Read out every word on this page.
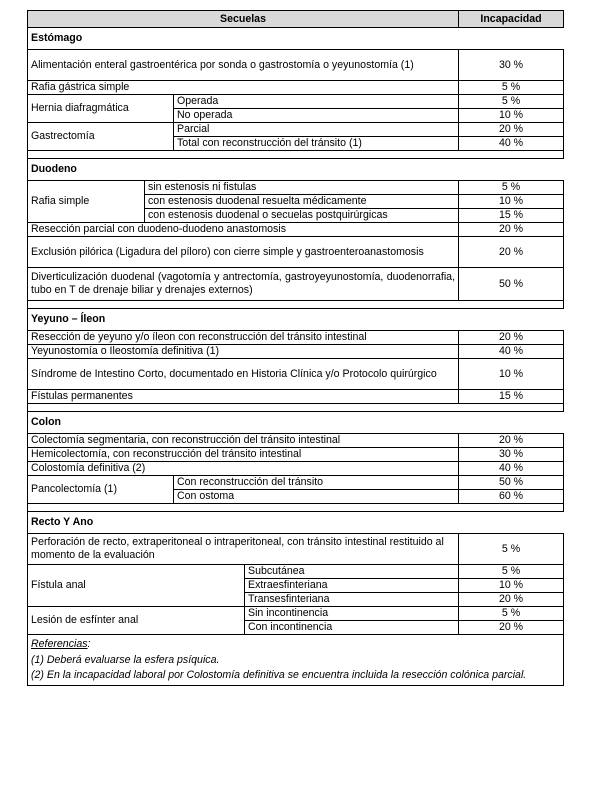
Secuelas				Incapacidad
Estómago				
Alimentación enteral gastroentérica por sonda o gastrostomía o yeyunostomía (1)				30 %
Rafia gástrica simple				5 %
Hernia diafragmática		Operada		5 %
		No operada		10 %
Gastrectomía		Parcial		20 %
		Total con reconstrucción del tránsito (1)		40 %

Duodeno				
Rafia simple	sin estenosis ni fistulas			5 %
	con estenosis duodenal resuelta médicamente			10 %
	con estenosis duodenal o secuelas postquirúrgicas			15 %
Resección parcial con duodeno-duodeno anastomosis				20 %
Exclusión pilórica (Ligadura del píloro) con cierre simple y gastroenteroanastomosis				20 %
Diverticulización duodenal (vagotomía y antrectomía, gastroyeyunostomía, duodenorrafia, tubo en T de drenaje biliar y drenajes externos)				50 %

Yeyuno – Íleon				
Resección de yeyuno y/o íleon con reconstrucción del tránsito intestinal				20 %
Yeyunostomía o Ileostomía definitiva (1)				40 %
Síndrome de Intestino Corto, documentado en Historia Clínica y/o Protocolo quirúrgico				10 %
Fístulas permanentes				15 %

Colon				
Colectomía segmentaria, con reconstrucción del tránsito intestinal				20 %
Hemicolectomía, con reconstrucción del tránsito intestinal				30 %
Colostomía definitiva (2)				40 %
Pancolectomía (1)		Con reconstrucción del tránsito		50 %
		Con ostoma		60 %

Recto Y Ano				
Perforación de recto, extraperitoneal o intraperitoneal, con tránsito intestinal restituido al momento de la evaluación				5 %
Fístula anal			Subcutánea	5 %
			Extraesfinteriana	10 %
			Transesfinteriana	20 %
Lesión de esfínter anal			Sin incontinencia	5 %
			Con incontinencia	20 %
Referencias:
(1) Deberá evaluarse la esfera psíquica.
(2) En la incapacidad laboral por Colostomía definitiva se encuentra incluida la resección colónica parcial.				
